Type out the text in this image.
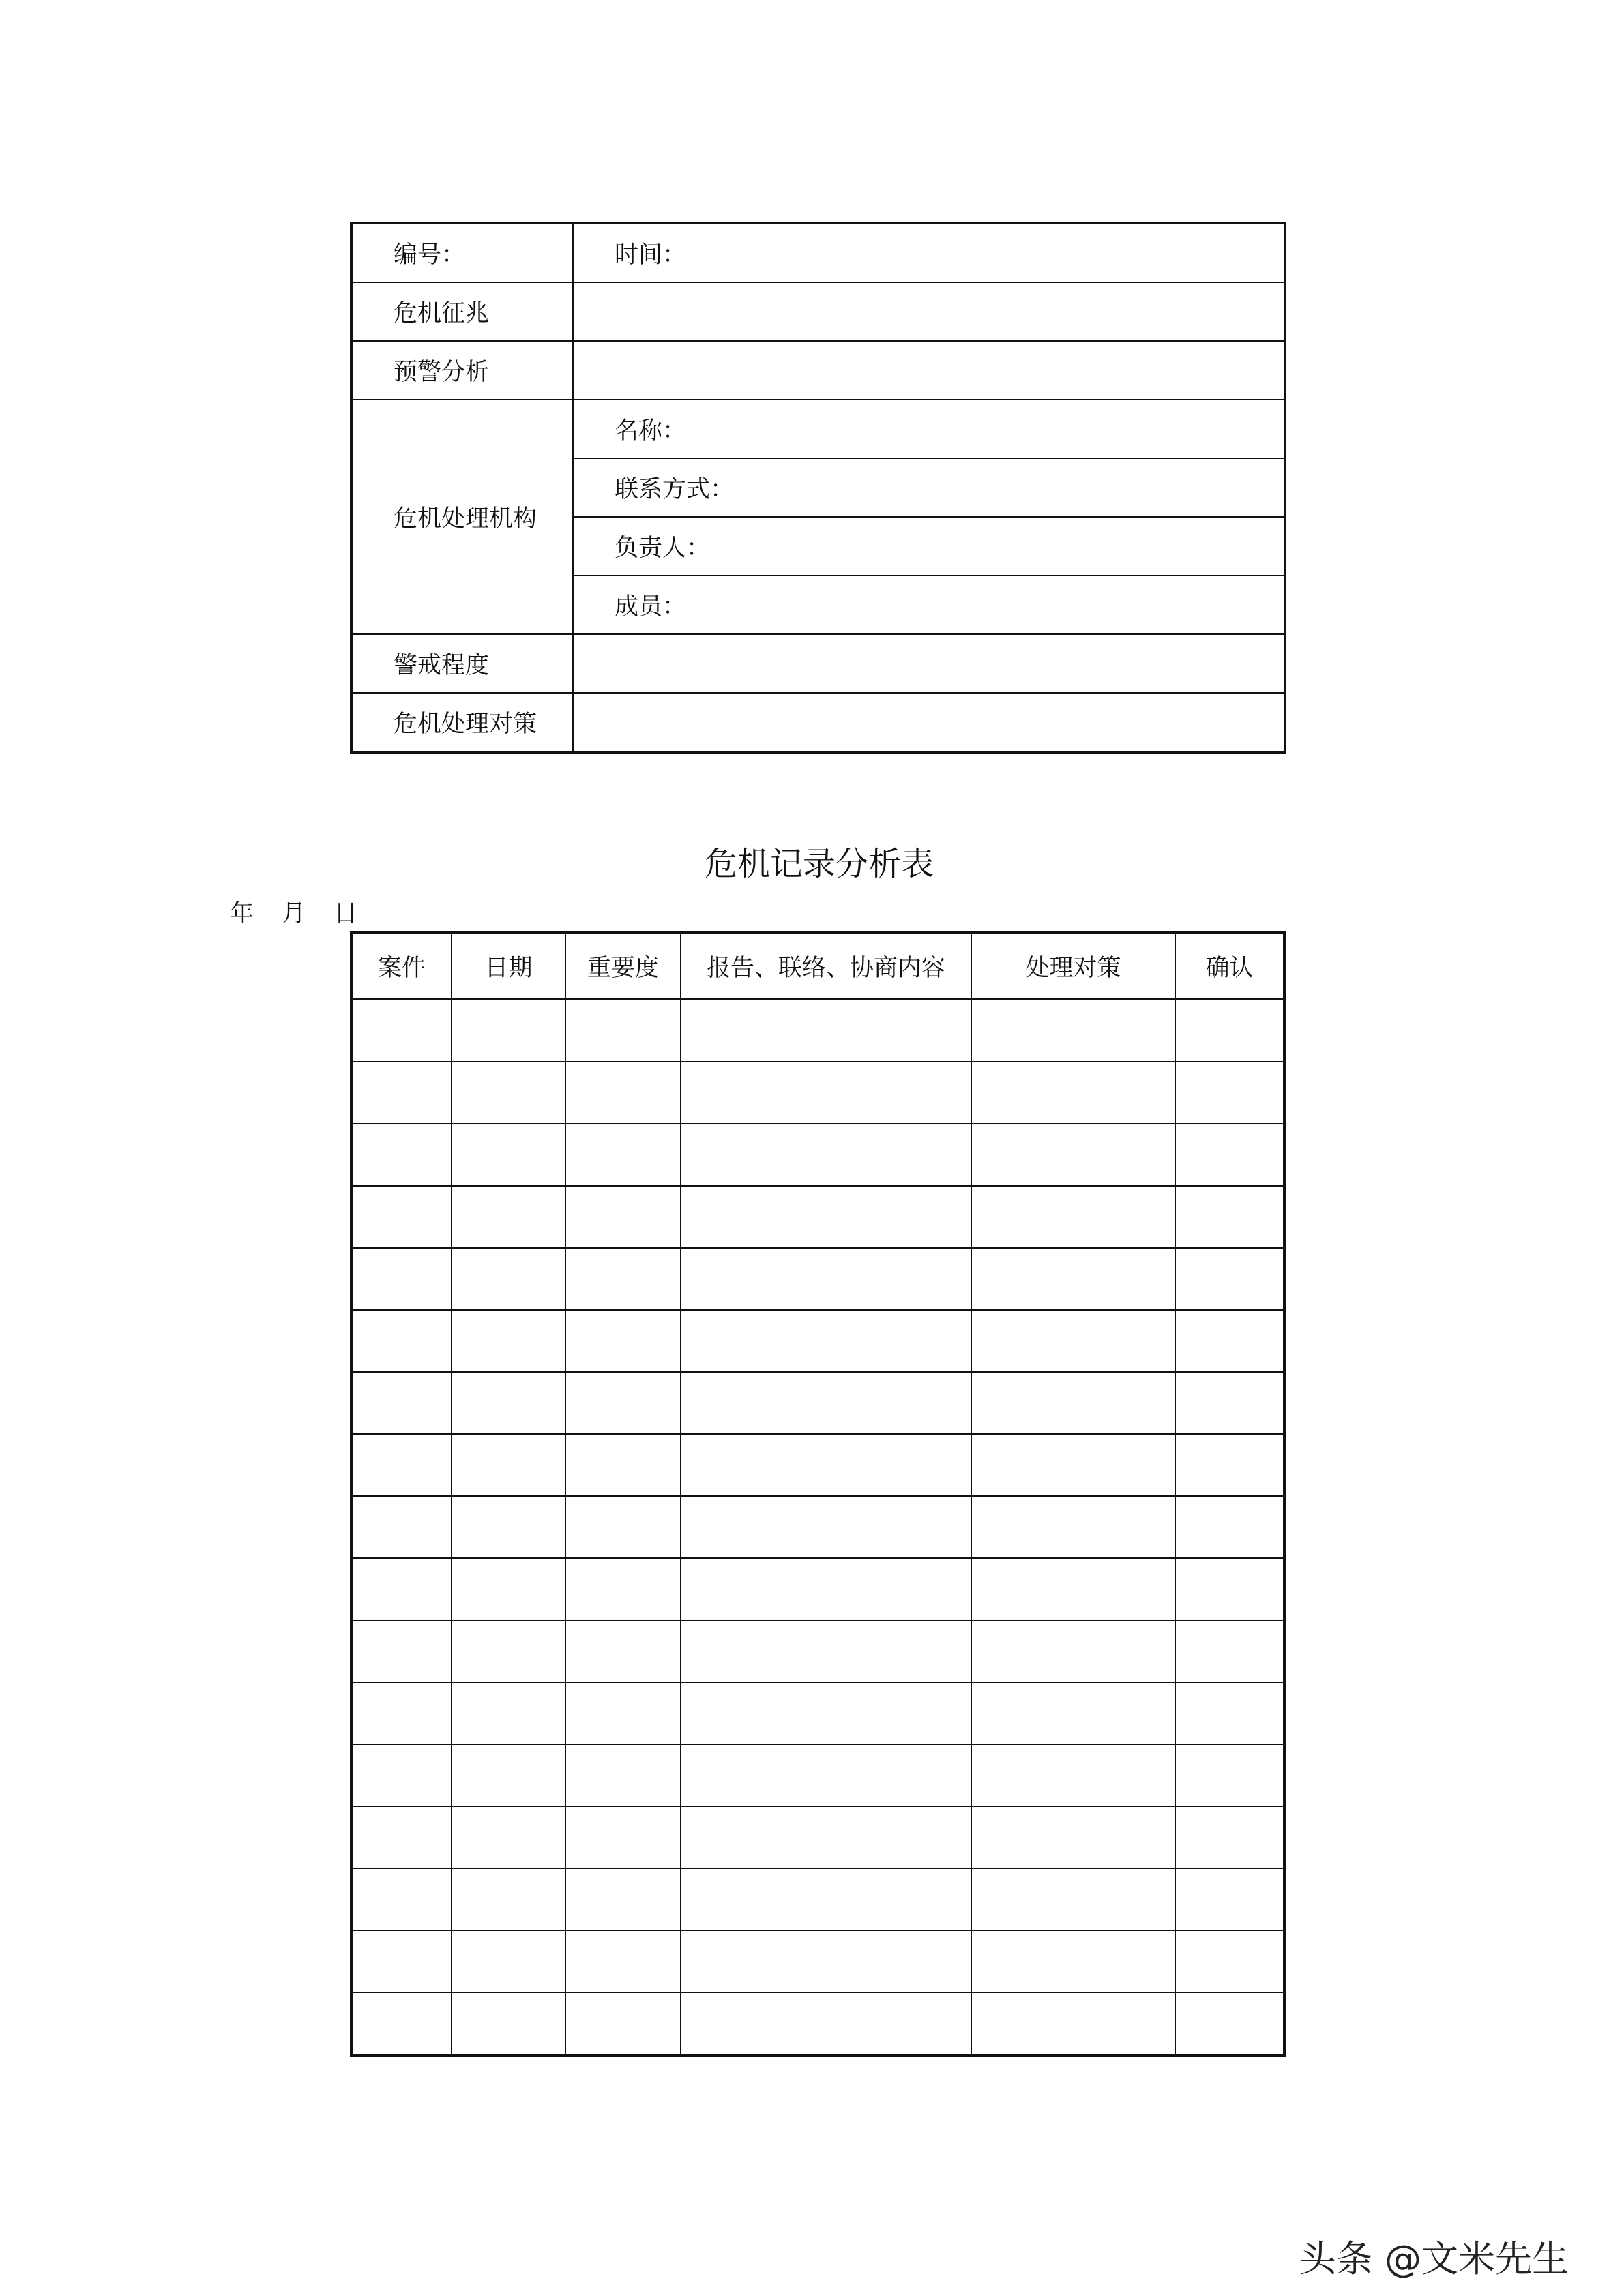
编号：	时间：
危机征兆	
预警分析	
危机处理机构	名称：
	联系方式：
	负责人：
	成员：
警戒程度	
危机处理对策	
危机记录分析表
年 月 日
案件	日期	重要度	报告、联络、协商内容	处理对策	确认

头条 @文米先生
